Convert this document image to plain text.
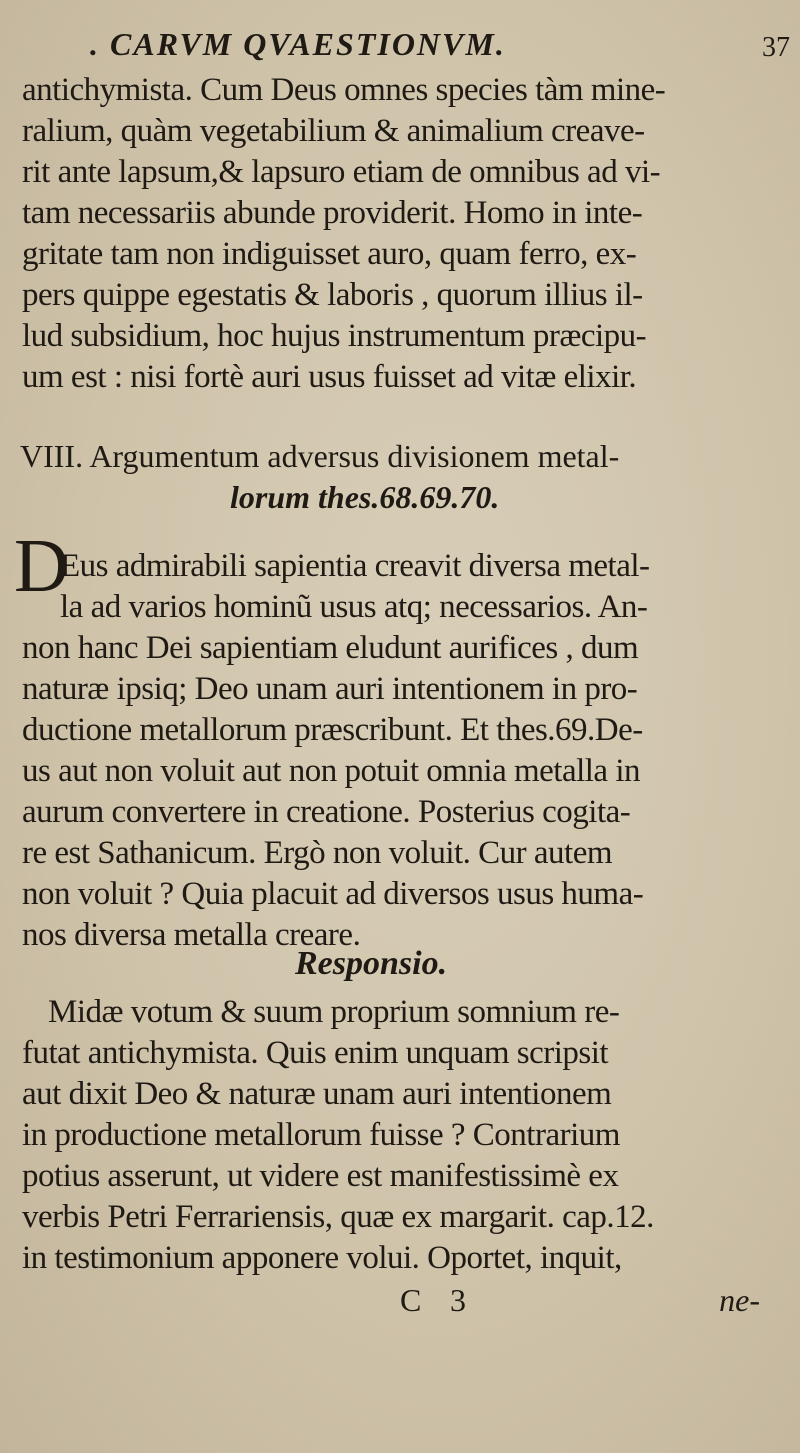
. CARVM QVAESTIONVM.	37
antichymista. Cum Deus omnes species tàm mine-
ralium, quàm vegetabilium & animalium creave-
rit ante lapsum,& lapsuro etiam de omnibus ad vi-
tam necessariis abunde providerit. Homo in inte-
gritate tam non indiguisset auro, quam ferro, ex-
pers quippe egestatis & laboris , quorum illius il-
lud subsidium, hoc hujus instrumentum præcipu-
um est : nisi fortè auri usus fuisset ad vitæ elixir.
VIII. Argumentum adversus divisionem metal-
lorum thes.68.69.70.
D
Eus admirabili sapientia creavit diversa metal-
la ad varios hominũ usus atq; necessarios. An-
non hanc Dei sapientiam eludunt aurifices , dum
naturæ ipsiq; Deo unam auri intentionem in pro-
ductione metallorum præscribunt. Et thes.69.De-
us aut non voluit aut non potuit omnia metalla in
aurum convertere in creatione. Posterius cogita-
re est Sathanicum. Ergò non voluit. Cur autem
non voluit ? Quia placuit ad diversos usus huma-
nos diversa metalla creare.
Responsio.
Midæ votum & suum proprium somnium re-
futat antichymista. Quis enim unquam scripsit
aut dixit Deo & naturæ unam auri intentionem
in productione metallorum fuisse ? Contrarium
potius asserunt, ut videre est manifestissimè ex
verbis Petri Ferrariensis, quæ ex margarit. cap.12.
in testimonium apponere volui. Oportet, inquit,
C 3	ne-
